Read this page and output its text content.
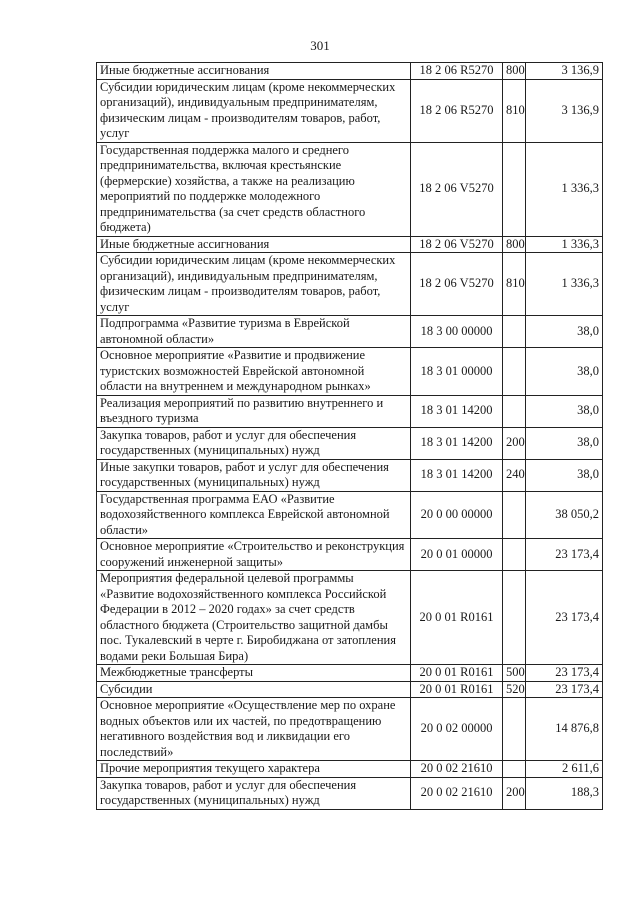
301
Иные бюджетные ассигнования	18 2 06 R5270	800	3 136,9
Субсидии юридическим лицам (кроме некоммерческих организаций), индивидуальным предпринимателям, физическим лицам - производителям товаров, работ, услуг	18 2 06 R5270	810	3 136,9
Государственная поддержка малого и среднего предпринимательства, включая крестьянские (фермерские) хозяйства, а также на реализацию мероприятий по поддержке молодежного предпринимательства (за счет средств областного бюджета)	18 2 06 V5270		1 336,3
Иные бюджетные ассигнования	18 2 06 V5270	800	1 336,3
Субсидии юридическим лицам (кроме некоммерческих организаций), индивидуальным предпринимателям, физическим лицам - производителям товаров, работ, услуг	18 2 06 V5270	810	1 336,3
Подпрограмма «Развитие туризма в Еврейской автономной области»	18 3 00 00000		38,0
Основное мероприятие «Развитие и продвижение туристских возможностей Еврейской автономной области на внутреннем и международном рынках»	18 3 01 00000		38,0
Реализация мероприятий по развитию внутреннего и въездного туризма	18 3 01 14200		38,0
Закупка товаров, работ и услуг для обеспечения государственных (муниципальных) нужд	18 3 01 14200	200	38,0
Иные закупки товаров, работ и услуг для обеспечения государственных (муниципальных) нужд	18 3 01 14200	240	38,0
Государственная программа ЕАО «Развитие водохозяйственного комплекса Еврейской автономной области»	20 0 00 00000		38 050,2
Основное мероприятие «Строительство и реконструкция сооружений инженерной защиты»	20 0 01 00000		23 173,4
Мероприятия федеральной целевой программы «Развитие водохозяйственного комплекса Российской Федерации в 2012 – 2020 годах» за счет средств областного бюджета (Строительство защитной дамбы пос. Тукалевский в черте г. Биробиджана от затопления водами реки Большая Бира)	20 0 01 R0161		23 173,4
Межбюджетные трансферты	20 0 01 R0161	500	23 173,4
Субсидии	20 0 01 R0161	520	23 173,4
Основное мероприятие «Осуществление мер по охране водных объектов или их частей, по предотвращению негативного воздействия вод и ликвидации его последствий»	20 0 02 00000		14 876,8
Прочие мероприятия текущего характера	20 0 02 21610		2 611,6
Закупка товаров, работ и услуг для обеспечения государственных (муниципальных) нужд	20 0 02 21610	200	188,3
